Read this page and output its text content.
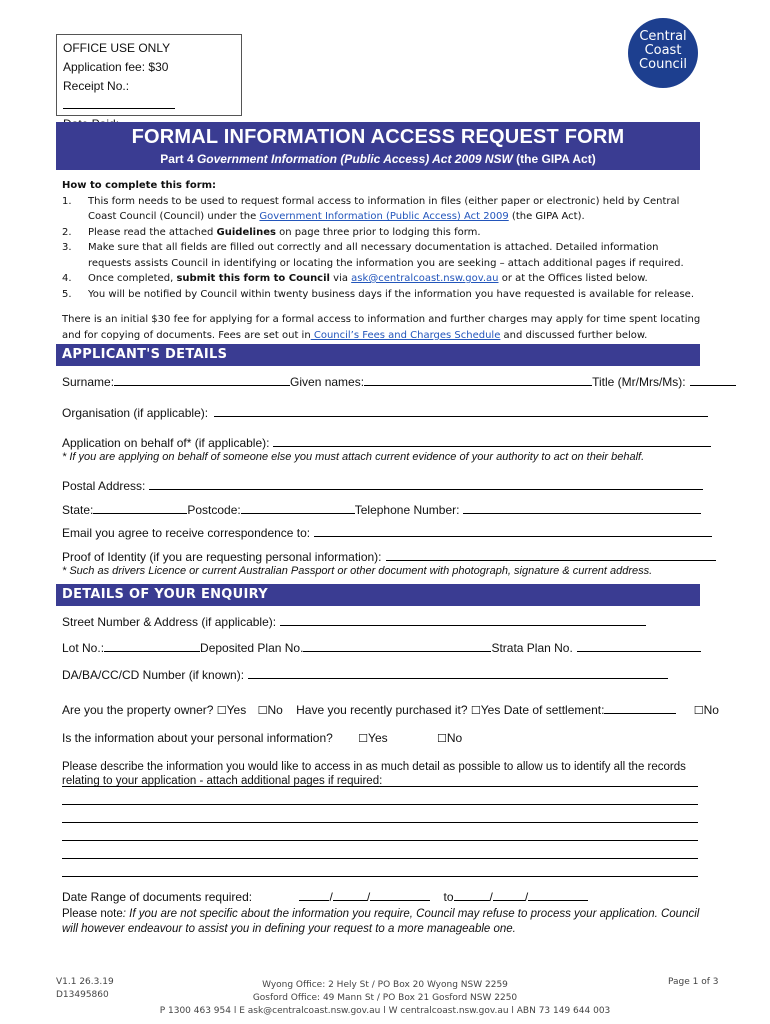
OFFICE USE ONLY
Application fee: $30
Receipt No.:
Central
Coast
Council
FORMAL INFORMATION ACCESS REQUEST FORM
Part 4 Government Information (Public Access) Act 2009 NSW (the GIPA Act)
How to complete this form:
1.	This form needs to be used to request formal access to information in files (either paper or electronic) held by Central Coast Council (Council) under the Government Information (Public Access) Act 2009 (the GIPA Act).
2.	Please read the attached Guidelines on page three prior to lodging this form.
3.	Make sure that all fields are filled out correctly and all necessary documentation is attached. Detailed information requests assists Council in identifying or locating the information you are seeking – attach additional pages if required.
4.	Once completed, submit this form to Council via ask@centralcoast.nsw.gov.au or at the Offices listed below.
5.	You will be notified by Council within twenty business days if the information you have requested is available for release.
There is an initial $30 fee for applying for a formal access to information and further charges may apply for time spent locating and for copying of documents. Fees are set out in Council’s Fees and Charges Schedule and discussed further below.
APPLICANT'S DETAILS
Surname:	Given names:	Title (Mr/Mrs/Ms):
Organisation (if applicable):
Application on behalf of* (if applicable):
* If you are applying on behalf of someone else you must attach current evidence of your authority to act on their behalf.
Postal Address:
State:	Postcode:	Telephone Number:
Email you agree to receive correspondence to:
Proof of Identity (if you are requesting personal information):
* Such as drivers Licence or current Australian Passport or other document with photograph, signature & current address.
DETAILS OF YOUR ENQUIRY
Street Number & Address (if applicable):
Lot No.:	Deposited Plan No.	Strata Plan No.
DA/BA/CC/CD Number (if known):
Are you the property owner? ☐Yes ☐No Have you recently purchased it? ☐Yes Date of settlement:	☐No
Is the information about your personal information? ☐Yes	☐No
Please describe the information you would like to access in as much detail as possible to allow us to identify all the records relating to your application - attach additional pages if required:
Date Range of documents required:	/	/	to	/	/
Please note: If you are not specific about the information you require, Council may refuse to process your application. Council will however endeavour to assist you in defining your request to a more manageable one.
V1.1 26.3.19
D13495860
Wyong Office: 2 Hely St / PO Box 20 Wyong NSW 2259
Gosford Office: 49 Mann St / PO Box 21 Gosford NSW 2250
P 1300 463 954 l E ask@centralcoast.nsw.gov.au l W centralcoast.nsw.gov.au l ABN 73 149 644 003
Page 1 of 3
